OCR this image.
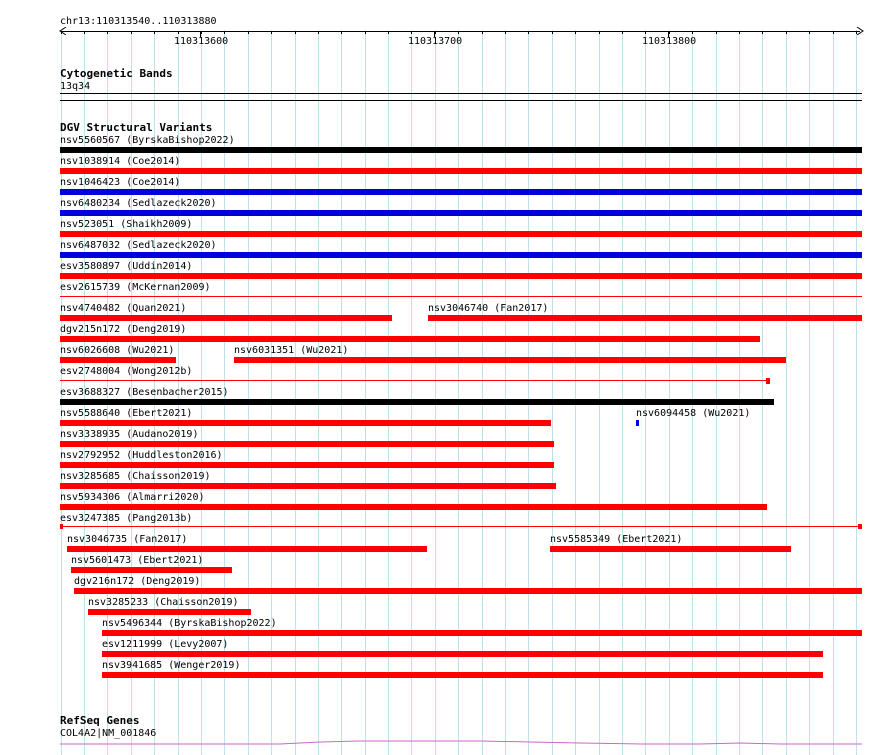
chr13:110313540..110313880
110313600	110313700	110313800
Cytogenetic Bands
13q34
DGV Structural Variants
nsv5560567 (ByrskaBishop2022)
nsv1038914 (Coe2014)
nsv1046423 (Coe2014)
nsv6480234 (Sedlazeck2020)
nsv523051 (Shaikh2009)
nsv6487032 (Sedlazeck2020)
esv3580897 (Uddin2014)
esv2615739 (McKernan2009)
nsv4740482 (Quan2021)	nsv3046740 (Fan2017)
dgv215n172 (Deng2019)
nsv6026608 (Wu2021)	nsv6031351 (Wu2021)
esv2748004 (Wong2012b)
esv3688327 (Besenbacher2015)
nsv5588640 (Ebert2021)	nsv6094458 (Wu2021)
nsv3338935 (Audano2019)
nsv2792952 (Huddleston2016)
nsv3285685 (Chaisson2019)
nsv5934306 (Almarri2020)
esv3247385 (Pang2013b)
nsv3046735 (Fan2017)	nsv5585349 (Ebert2021)
nsv5601473 (Ebert2021)
dgv216n172 (Deng2019)
nsv3285233 (Chaisson2019)
nsv5496344 (ByrskaBishop2022)
esv1211999 (Levy2007)
nsv3941685 (Wenger2019)
RefSeq Genes
COL4A2|NM_001846
